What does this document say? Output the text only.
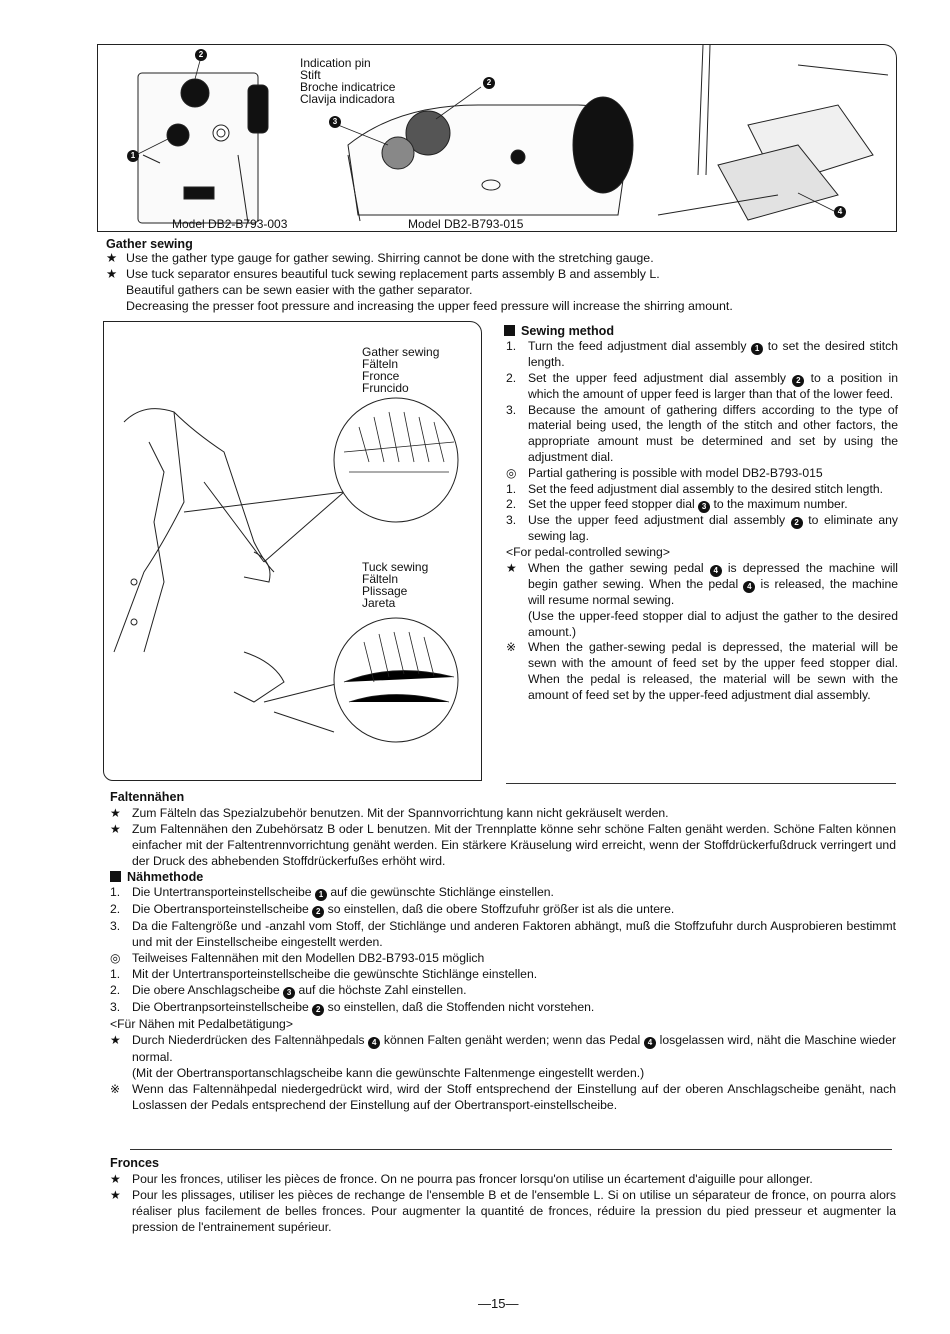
2
1
2
3
4
Indication pin
Stift
Broche indicatrice
Clavija indicadora
Model DB2-B793-003	Model DB2-B793-015
Gather sewing
★ Use the gather type gauge for gather sewing. Shirring cannot be done with the stretching gauge.
★ Use tuck separator ensures beautiful tuck sewing replacement parts assembly B and assembly L.
Beautiful gathers can be sewn easier with the gather separator.
Decreasing the presser foot pressure and increasing the upper feed pressure will increase the shirring amount.
Gather sewing
Fälteln
Fronce
Fruncido
Tuck sewing
Fälteln
Plissage
Jareta
Sewing method
1. Turn the feed adjustment dial assembly 1 to set the desired stitch length.
2. Set the upper feed adjustment dial assembly 2 to a position in which the amount of upper feed is larger than that of the lower feed.
3. Because the amount of gathering differs according to the type of material being used, the length of the stitch and other factors, the appropriate amount must be determined and set by using the adjustment dial.
◎ Partial gathering is possible with model DB2-B793-015
1. Set the feed adjustment dial assembly to the desired stitch length.
2. Set the upper feed stopper dial 3 to the maximum number.
3. Use the upper feed adjustment dial assembly 2 to eliminate any sewing lag.
<For pedal-controlled sewing>
★ When the gather sewing pedal 4 is depressed the machine will begin gather sewing. When the pedal 4 is released, the machine will resume normal sewing.
(Use the upper-feed stopper dial to adjust the gather to the desired amount.)
※ When the gather-sewing pedal is depressed, the material will be sewn with the amount of feed set by the upper feed stopper dial. When the pedal is released, the material will be sewn with the amount of feed set by the upper-feed adjustment dial assembly.
Faltennähen
★ Zum Fälteln das Spezialzubehör benutzen. Mit der Spannvorrichtung kann nicht gekräuselt werden.
★ Zum Faltennähen den Zubehörsatz B oder L benutzen. Mit der Trennplatte könne sehr schöne Falten genäht werden. Schöne Falten können einfacher mit der Faltentrennvorrichtung genäht werden. Ein stärkere Kräuselung wird erreicht, wenn der Stoffdrückerfußdruck verringert und der Druck des abhebenden Stoffdrückerfußes erhöht wird.
Nähmethode
1. Die Untertransporteinstellscheibe 1 auf die gewünschte Stichlänge einstellen.
2. Die Obertransporteinstellscheibe 2 so einstellen, daß die obere Stoffzufuhr größer ist als die untere.
3. Da die Faltengröße und -anzahl vom Stoff, der Stichlänge und anderen Faktoren abhängt, muß die Stoffzufuhr durch Ausprobieren bestimmt und mit der Einstellscheibe eingestellt werden.
◎ Teilweises Faltennähen mit den Modellen DB2-B793-015 möglich
1. Mit der Untertransporteinstellscheibe die gewünschte Stichlänge einstellen.
2. Die obere Anschlagscheibe 3 auf die höchste Zahl einstellen.
3. Die Obertranpsorteinstellscheibe 2 so einstellen, daß die Stoffenden nicht vorstehen.
<Für Nähen mit Pedalbetätigung>
★ Durch Niederdrücken des Faltennähpedals 4 können Falten genäht werden; wenn das Pedal 4 losgelassen wird, näht die Maschine wieder normal.
(Mit der Obertransportanschlagscheibe kann die gewünschte Faltenmenge eingestellt werden.)
※ Wenn das Faltennähpedal niedergedrückt wird, wird der Stoff entsprechend der Einstellung auf der oberen Anschlagscheibe genäht, nach Loslassen der Pedals entsprechend der Einstellung auf der Obertransport-einstellscheibe.
Fronces
★ Pour les fronces, utiliser les pièces de fronce. On ne pourra pas froncer lorsqu'on utilise un écartement d'aiguille pour allonger.
★ Pour les plissages, utiliser les pièces de rechange de l'ensemble B et de l'ensemble L. Si on utilise un séparateur de fronce, on pourra alors réaliser plus facilement de belles fronces. Pour augmenter la quantité de fronces, réduire la pression du pied presseur et augmenter la pression de l'entrainement supérieur.
—15—
